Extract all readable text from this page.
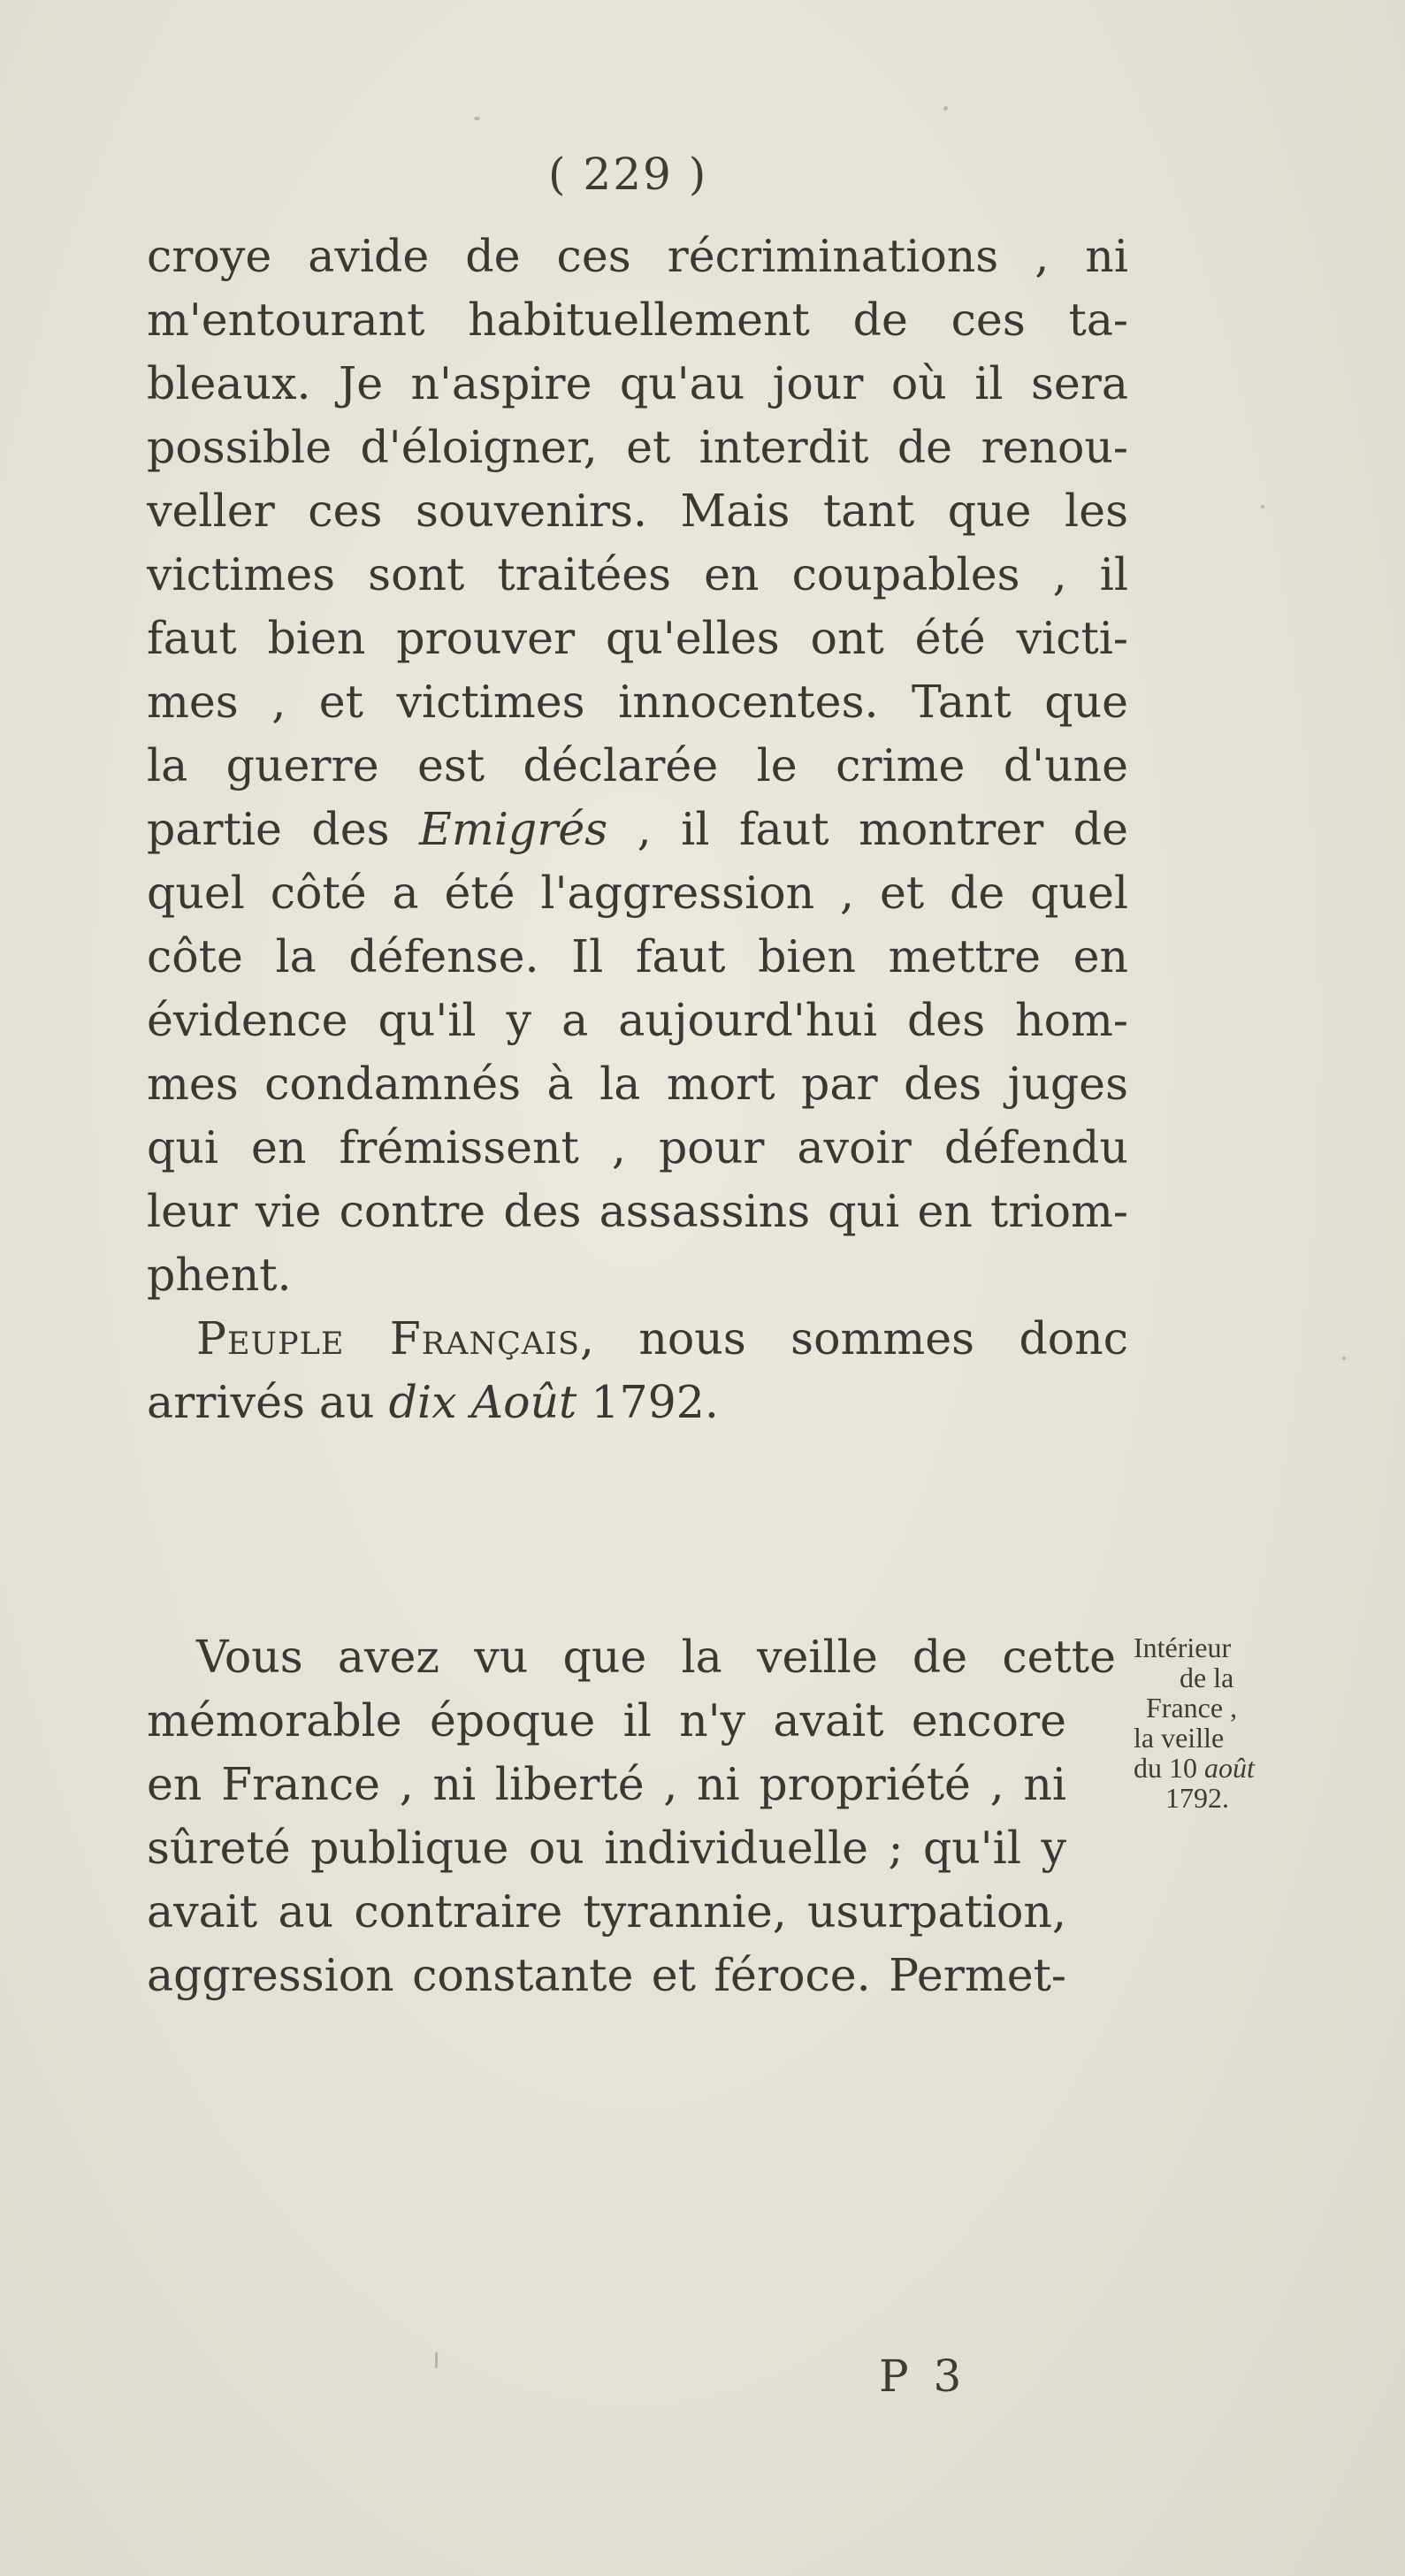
( 229 )
croye avide de ces récriminations , ni
m'entourant habituellement de ces ta-
bleaux. Je n'aspire qu'au jour où il sera
possible d'éloigner, et interdit de renou-
veller ces souvenirs. Mais tant que les
victimes sont traitées en coupables , il
faut bien prouver qu'elles ont été victi-
mes , et victimes innocentes. Tant que
la guerre est déclarée le crime d'une
partie des Emigrés , il faut montrer de
quel côté a été l'aggression , et de quel
côte la défense. Il faut bien mettre en
évidence qu'il y a aujourd'hui des hom-
mes condamnés à la mort par des juges
qui en frémissent , pour avoir défendu
leur vie contre des assassins qui en triom-
phent.
Peuple Français, nous sommes donc
arrivés au dix Août 1792.
Vous avez vu que la veille de cette
mémorable époque il n'y avait encore
en France , ni liberté , ni propriété , ni
sûreté publique ou individuelle ; qu'il y
avait au contraire tyrannie, usurpation,
aggression constante et féroce. Permet-
Intérieur
de la
France ,
la veille
du 10 août
1792.
P 3
